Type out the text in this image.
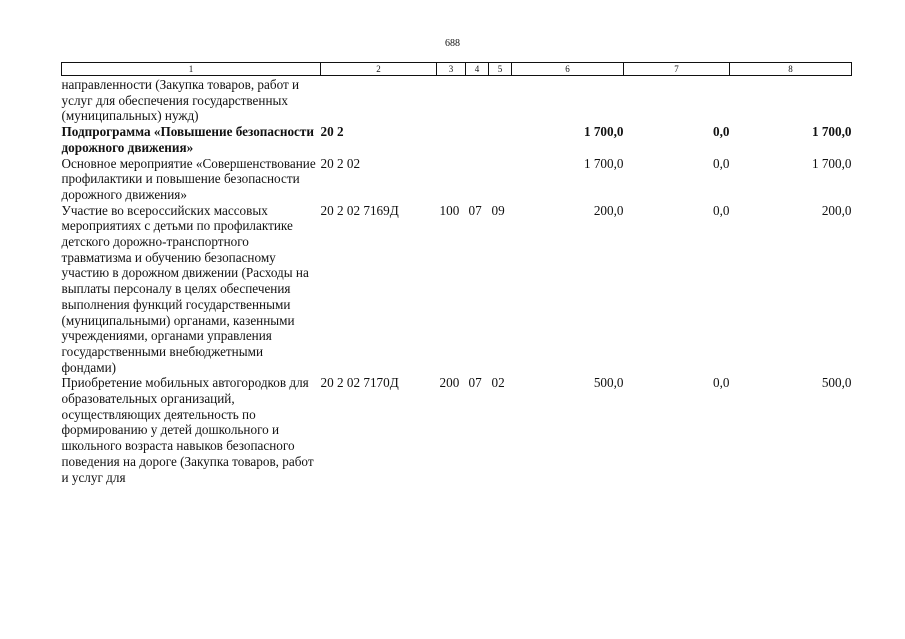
688
1	2	3	4	5	6	7	8
направленности (Закупка товаров, работ и услуг для обеспечения государственных (муниципальных) нужд)							
Подпрограмма «Повышение безопасности дорожного движения»	20 2				1 700,0	0,0	1 700,0
Основное мероприятие «Совершенствование профилактики и повышение безопасности дорожного движения»	20 2 02				1 700,0	0,0	1 700,0
Участие во всероссийских массовых мероприятиях с детьми по профилактике детского дорожно-транспортного травматизма и обучению безопасному участию в дорожном движении (Расходы на выплаты персоналу в целях обеспечения выполнения функций государственными (муниципальными) органами, казенными учреждениями, органами управления государственными внебюджетными фондами)	20 2 02 7169Д	100	07	09	200,0	0,0	200,0
Приобретение мобильных автогородков для образовательных организаций, осуществляющих деятельность по формированию у детей дошкольного и школьного возраста навыков безопасного поведения на дороге (Закупка товаров, работ и услуг для	20 2 02 7170Д	200	07	02	500,0	0,0	500,0
